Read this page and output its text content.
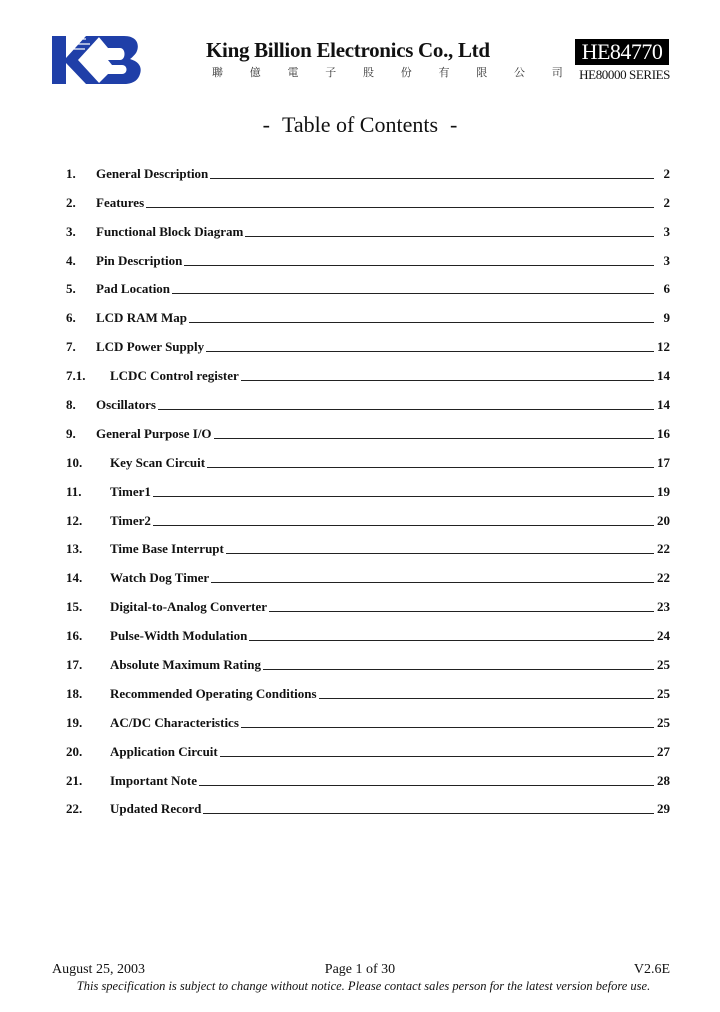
King Billion Electronics Co., Ltd
聯 億 電 子 股 份 有 限 公 司
HE84770
HE80000 SERIES
- Table of Contents -
1.	General Description	2
2.	Features	2
3.	Functional Block Diagram	3
4.	Pin Description	3
5.	Pad Location	6
6.	LCD RAM Map	9
7.	LCD Power Supply	12
7.1.	LCDC Control register	14
8.	Oscillators	14
9.	General Purpose I/O	16
10.	Key Scan Circuit	17
11.	Timer1	19
12.	Timer2	20
13.	Time Base Interrupt	22
14.	Watch Dog Timer	22
15.	Digital-to-Analog Converter	23
16.	Pulse-Width Modulation	24
17.	Absolute Maximum Rating	25
18.	Recommended Operating Conditions	25
19.	AC/DC Characteristics	25
20.	Application Circuit	27
21.	Important Note	28
22.	Updated Record	29
August 25, 2003	Page 1 of 30	V2.6E
This specification is subject to change without notice. Please contact sales person for the latest version before use.
